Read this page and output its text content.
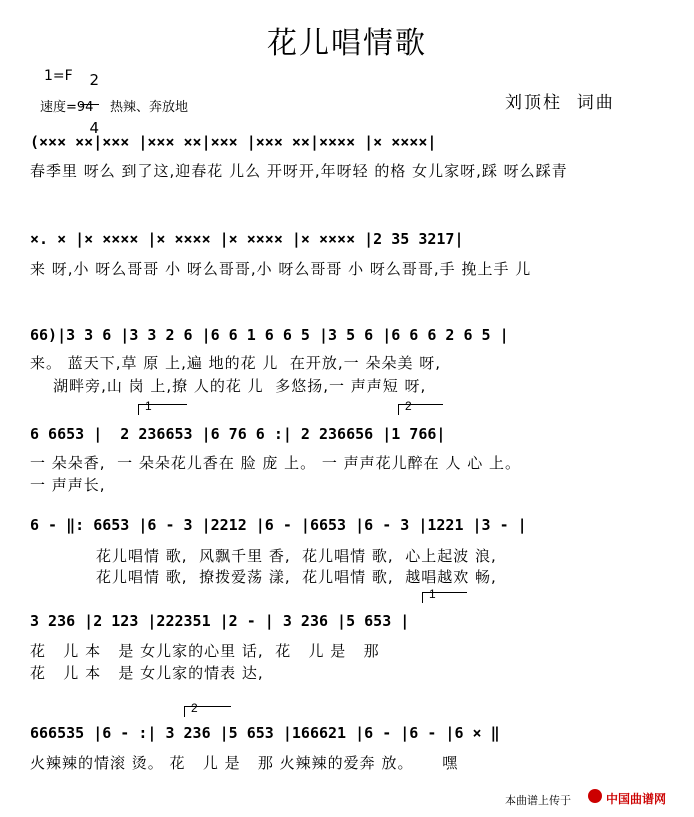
花儿唱情歌
1=F	2

4

速度=94    热辣、奔放地	刘顶柱  词曲
(××× ××|××× |××× ××|××× |××× ××|×××× |× ××××|
春季里 呀么 到了这,迎春花 儿么 开呀开,年呀轻 的格 女儿家呀,踩 呀么踩青
×. × |× ×××× |× ×××× |× ×××× |× ×××× |2 35 3217|
来 呀,小 呀么哥哥 小 呀么哥哥,小 呀么哥哥 小 呀么哥哥,手 挽上手 儿
66)|3 3 6 |3 3 2 6 |6 6 1 6 6 5 |3 5 6 |6 6 6 2 6 5 |
来。 蓝天下,草 原 上,遍 地的花 儿  在开放,一 朵朵美 呀,
湖畔旁,山 岗 上,撩 人的花 儿  多悠扬,一 声声短 呀,
1	2
6 6653 |  2 236653 |6 76 6 :| 2 236656 |1 766|
一 朵朵香,  一 朵朵花儿香在 脸 庞 上。 一 声声花儿醉在 人 心 上。
一 声声长,
6 - ‖: 6653 |6 - 3 |2212 |6 - |6653 |6 - 3 |1221 |3 - |
花儿唱情 歌,  风飘千里 香,  花儿唱情 歌,  心上起波 浪,
花儿唱情 歌,  撩拨爱荡 漾,  花儿唱情 歌,  越唱越欢 畅,
1
3 236 |2 123 |222351 |2 - | 3 236 |5 653 |
花   儿 本   是 女儿家的心里 话,  花   儿 是   那
花   儿 本   是 女儿家的情表 达,
2
666535 |6 - :| 3 236 |5 653 |166621 |6 - |6 - |6 × ‖
火辣辣的情滚 烫。 花   儿 是   那 火辣辣的爱奔 放。     嘿
本曲谱上传于	中国曲谱网
